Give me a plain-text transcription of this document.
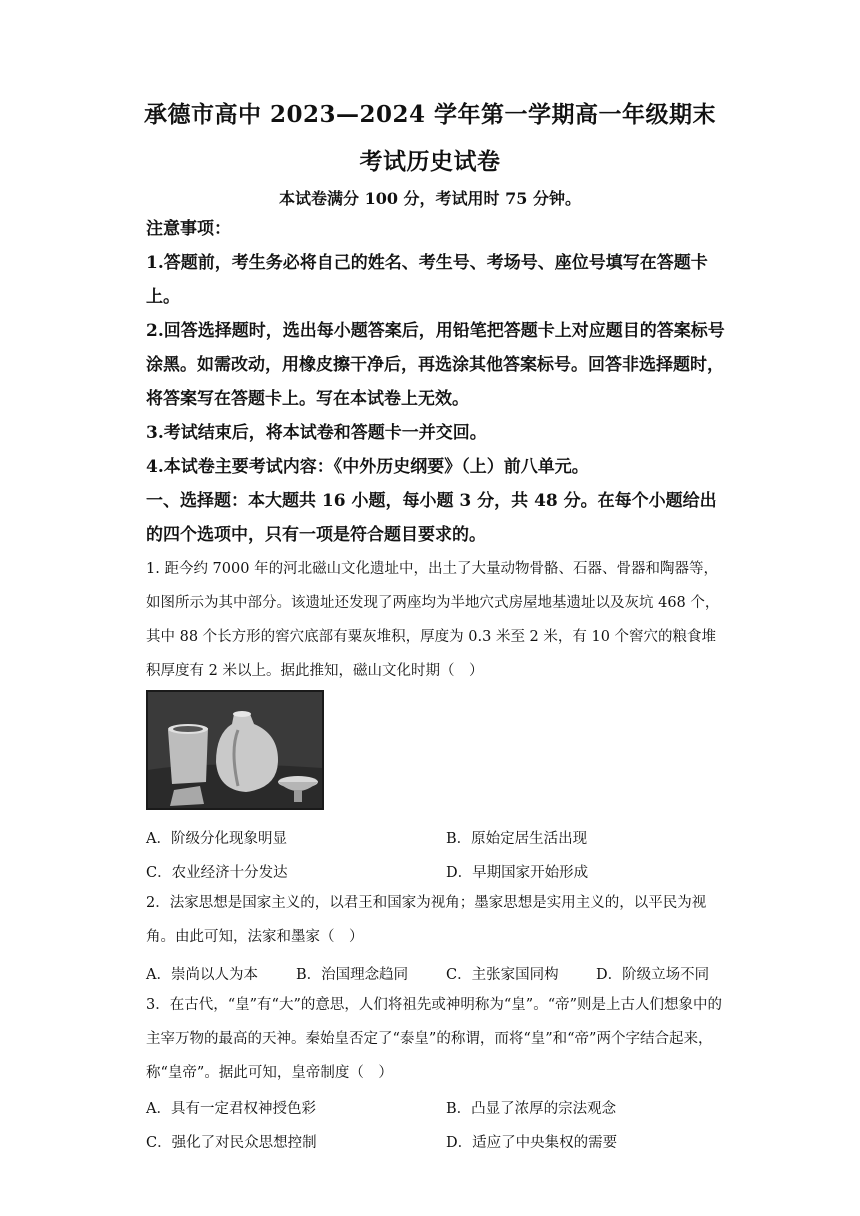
承德市高中 2023—2024 学年第一学期高一年级期末
考试历史试卷
本试卷满分 100 分，考试用时 75 分钟。
注意事项：
1.答题前，考生务必将自己的姓名、考生号、考场号、座位号填写在答题卡上。
2.回答选择题时，选出每小题答案后，用铅笔把答题卡上对应题目的答案标号涂黑。如需改动，用橡皮擦干净后，再选涂其他答案标号。回答非选择题时，将答案写在答题卡上。写在本试卷上无效。
3.考试结束后，将本试卷和答题卡一并交回。
4.本试卷主要考试内容：《中外历史纲要》（上）前八单元。
一、选择题：本大题共 16 小题，每小题 3 分，共 48 分。在每个小题给出的四个选项中，只有一项是符合题目要求的。
1. 距今约 7000 年的河北磁山文化遗址中，出土了大量动物骨骼、石器、骨器和陶器等，如图所示为其中部分。该遗址还发现了两座均为半地穴式房屋地基遗址以及灰坑 468 个，其中 88 个长方形的窖穴底部有粟灰堆积，厚度为 0.3 米至 2 米，有 10 个窖穴的粮食堆积厚度有 2 米以上。据此推知，磁山文化时期（　）
A．阶级分化现象明显	B．原始定居生活出现
C．农业经济十分发达	D．早期国家开始形成
2．法家思想是国家主义的，以君王和国家为视角；墨家思想是实用主义的，以平民为视角。由此可知，法家和墨家（　）
A．崇尚以人为本	B．治国理念趋同	C．主张家国同构	D．阶级立场不同
3．在古代，“皇”有“大”的意思，人们将祖先或神明称为“皇”。“帝”则是上古人们想象中的主宰万物的最高的天神。秦始皇否定了“泰皇”的称谓，而将“皇”和“帝”两个字结合起来，称“皇帝”。据此可知，皇帝制度（　）
A．具有一定君权神授色彩	B．凸显了浓厚的宗法观念
C．强化了对民众思想控制	D．适应了中央集权的需要
